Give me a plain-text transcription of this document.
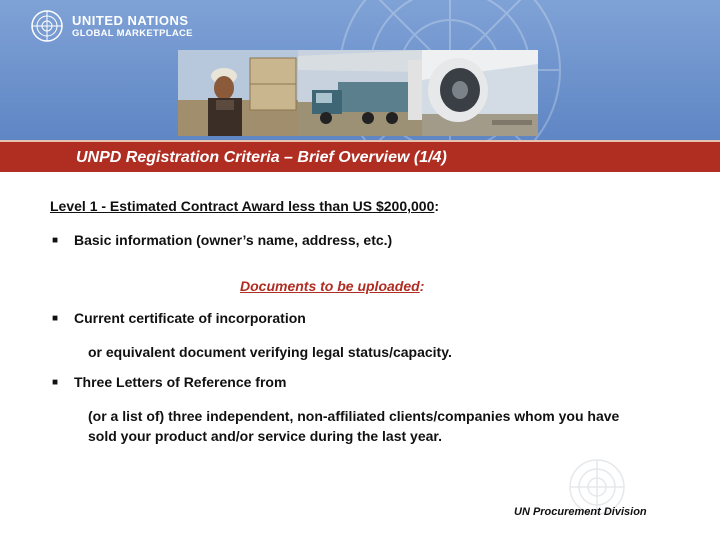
UNITED NATIONS
GLOBAL MARKETPLACE
UNPD Registration Criteria – Brief Overview (1/4)
Level 1 - Estimated Contract Award less than US $200,000:
■ Basic information (owner’s name, address, etc.)
Documents to be uploaded:
■ Current certificate of incorporation
or equivalent document verifying legal status/capacity.
■ Three Letters of Reference from
(or a list of) three independent, non-affiliated clients/companies whom you have sold your product and/or service during the last year.
UN Procurement Division
